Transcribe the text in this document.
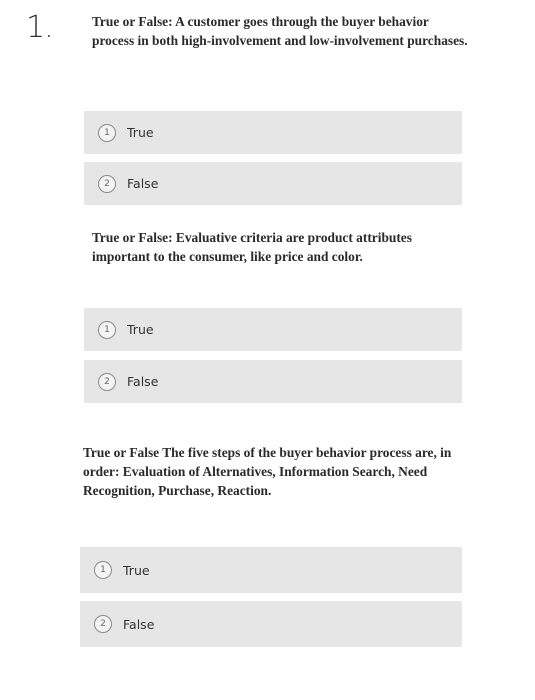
1.	True or False: A customer goes through the buyer behavior process in both high-involvement and low-involvement purchases.
1	True
2	False
True or False: Evaluative criteria are product attributes important to the consumer, like price and color.
1	True
2	False
True or False The five steps of the buyer behavior process are, in order: Evaluation of Alternatives, Information Search, Need Recognition, Purchase, Reaction.
1	True
2	False
